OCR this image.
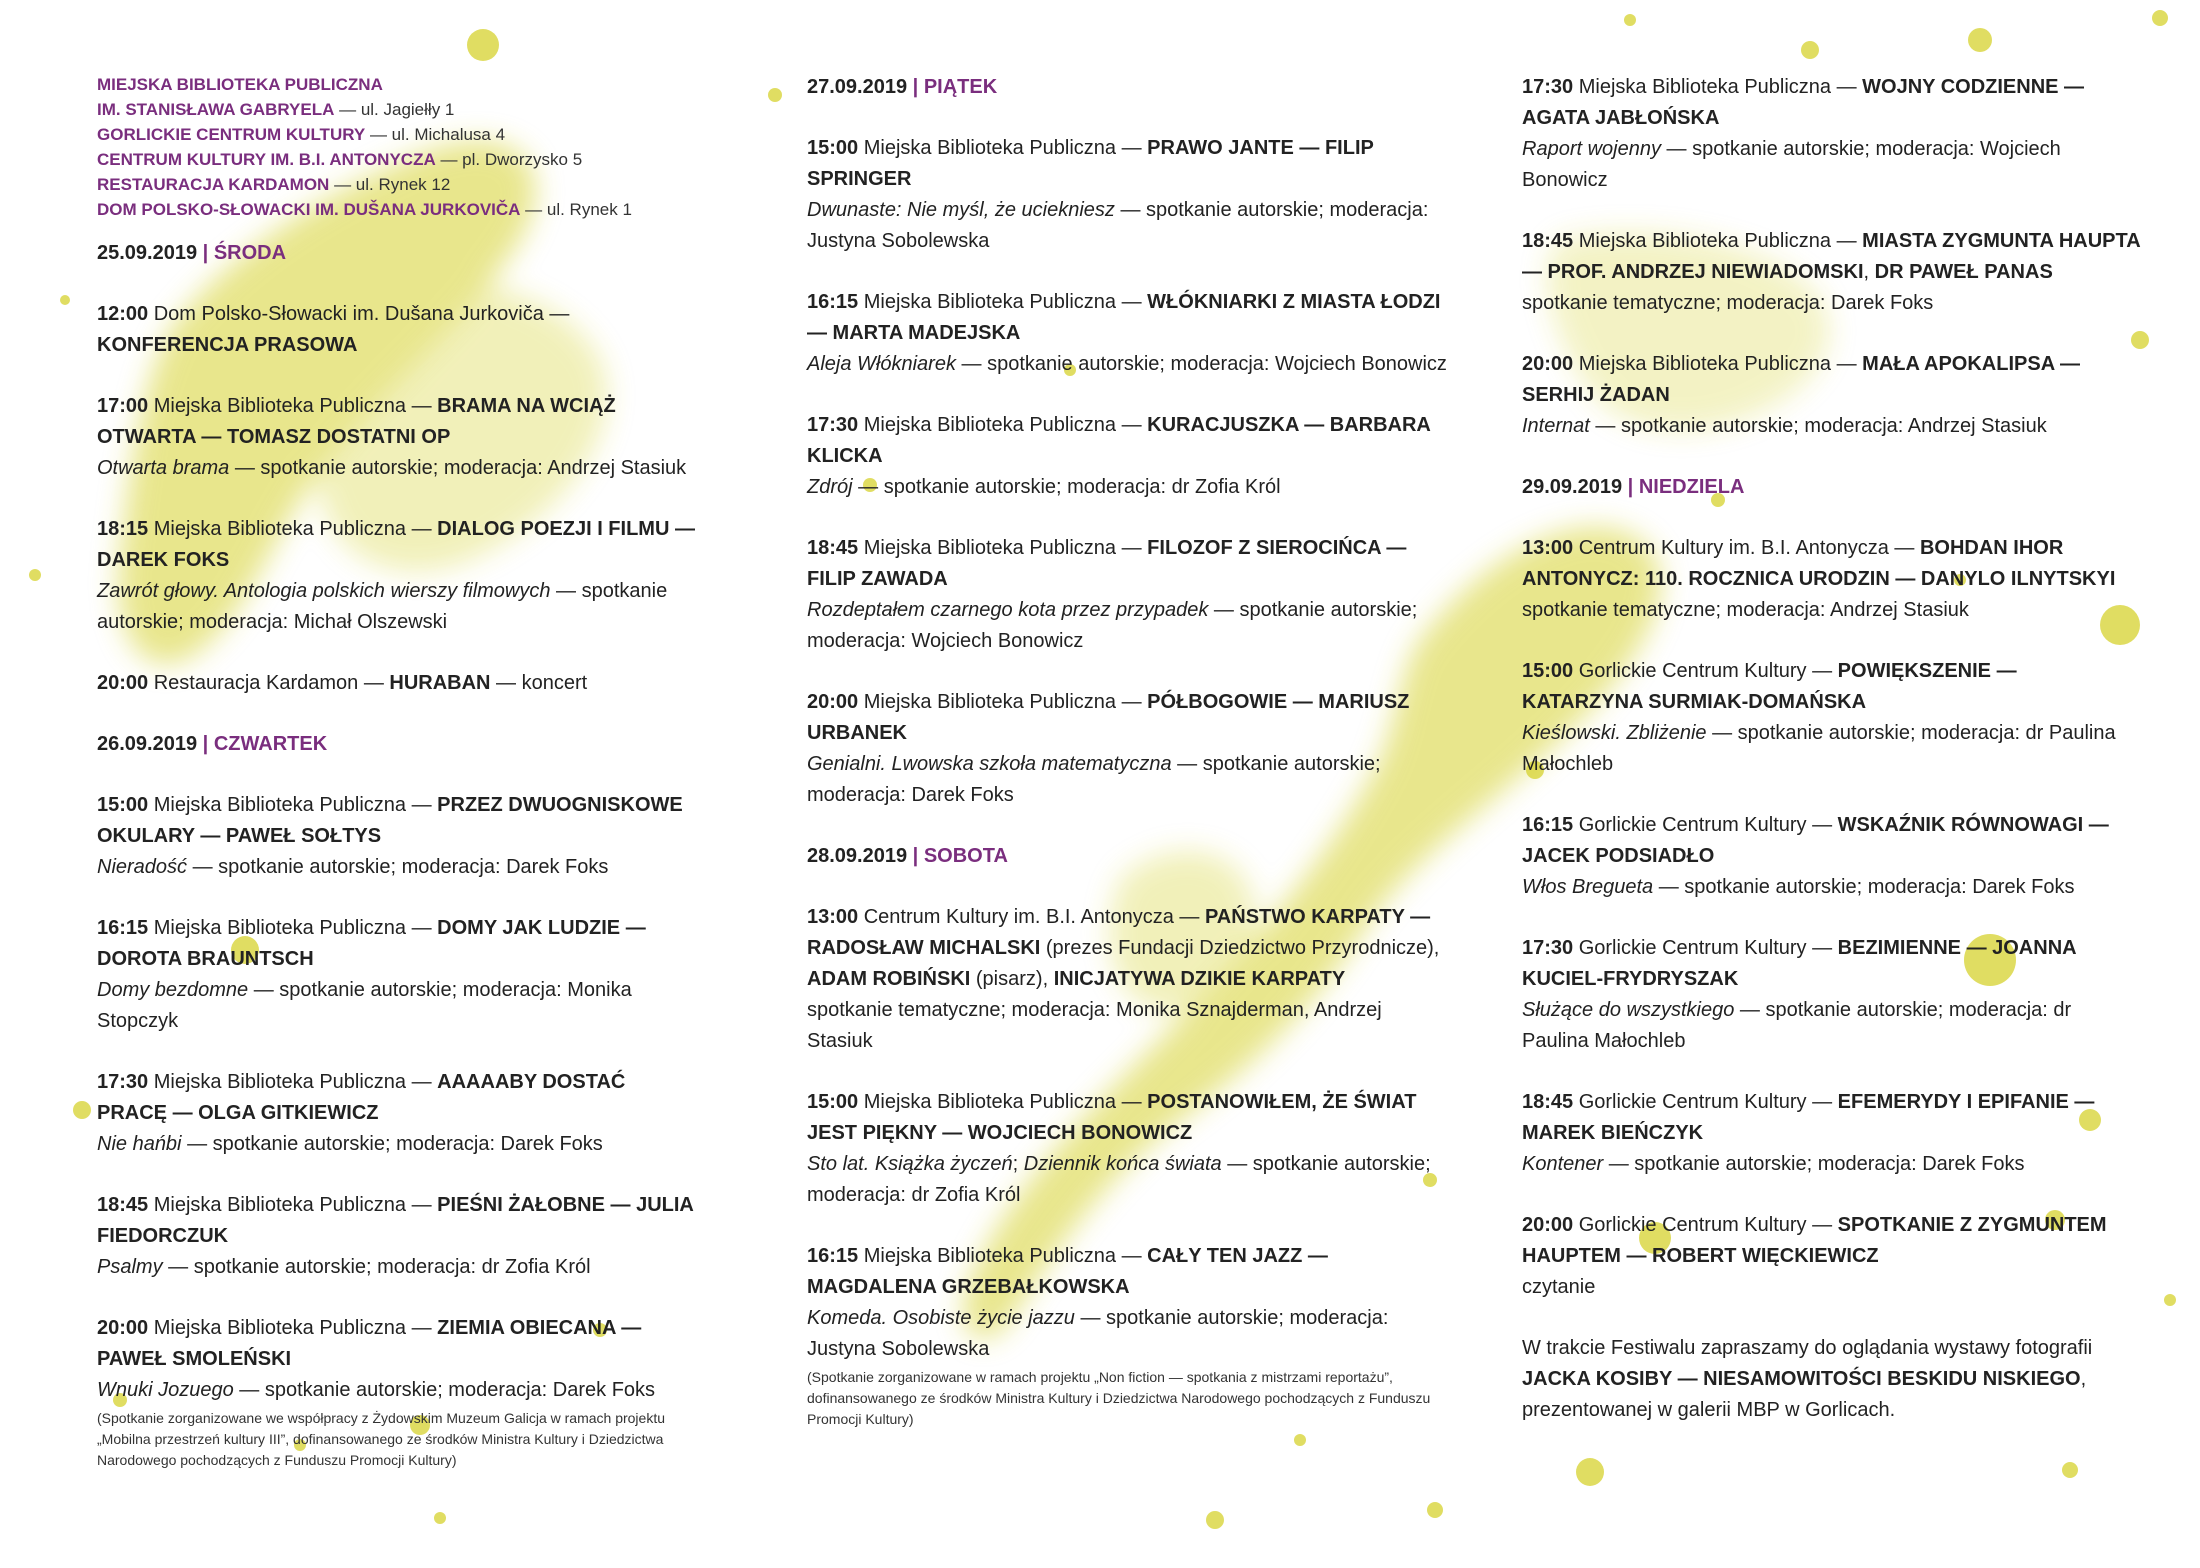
MIEJSKA BIBLIOTEKA PUBLICZNA
IM. STANISŁAWA GABRYELA — ul. Jagiełły 1
GORLICKIE CENTRUM KULTURY — ul. Michalusa 4
CENTRUM KULTURY IM. B.I. ANTONYCZA — pl. Dworzysko 5
RESTAURACJA KARDAMON — ul. Rynek 12
DOM POLSKO-SŁOWACKI IM. DUŠANA JURKOVIČA — ul. Rynek 1
25.09.2019 | ŚRODA
12:00 Dom Polsko-Słowacki im. Dušana Jurkoviča — KONFERENCJA PRASOWA
17:00 Miejska Biblioteka Publiczna — BRAMA NA WCIĄŻ OTWARTA — TOMASZ DOSTATNI OP
Otwarta brama — spotkanie autorskie; moderacja: Andrzej Stasiuk
18:15 Miejska Biblioteka Publiczna — DIALOG POEZJI I FILMU — DAREK FOKS
Zawrót głowy. Antologia polskich wierszy filmowych — spotkanie autorskie; moderacja: Michał Olszewski
20:00 Restauracja Kardamon — HURABAN — koncert
26.09.2019 | CZWARTEK
15:00 Miejska Biblioteka Publiczna — PRZEZ DWUOGNISKOWE OKULARY — PAWEŁ SOŁTYS
Nieradość — spotkanie autorskie; moderacja: Darek Foks
16:15 Miejska Biblioteka Publiczna — DOMY JAK LUDZIE — DOROTA BRAUNTSCH
Domy bezdomne — spotkanie autorskie; moderacja: Monika Stopczyk
17:30 Miejska Biblioteka Publiczna — AAAAABY DOSTAĆ PRACĘ — OLGA GITKIEWICZ
Nie hańbi — spotkanie autorskie; moderacja: Darek Foks
18:45 Miejska Biblioteka Publiczna — PIEŚNI ŻAŁOBNE — JULIA FIEDORCZUK
Psalmy — spotkanie autorskie; moderacja: dr Zofia Król
20:00 Miejska Biblioteka Publiczna — ZIEMIA OBIECANA — PAWEŁ SMOLEŃSKI
Wnuki Jozuego — spotkanie autorskie; moderacja: Darek Foks
(Spotkanie zorganizowane we współpracy z Żydowskim Muzeum Galicja w ramach projektu „Mobilna przestrzeń kultury III”, dofinansowanego ze środków Ministra Kultury i Dziedzictwa Narodowego pochodzących z Funduszu Promocji Kultury)
27.09.2019 | PIĄTEK
15:00 Miejska Biblioteka Publiczna — PRAWO JANTE — FILIP SPRINGER
Dwunaste: Nie myśl, że uciekniesz — spotkanie autorskie; moderacja: Justyna Sobolewska
16:15 Miejska Biblioteka Publiczna — WŁÓKNIARKI Z MIASTA ŁODZI — MARTA MADEJSKA
Aleja Włókniarek — spotkanie autorskie; moderacja: Wojciech Bonowicz
17:30 Miejska Biblioteka Publiczna — KURACJUSZKA — BARBARA KLICKA
Zdrój — spotkanie autorskie; moderacja: dr Zofia Król
18:45 Miejska Biblioteka Publiczna — FILOZOF Z SIEROCIŃCA — FILIP ZAWADA
Rozdeptałem czarnego kota przez przypadek — spotkanie autorskie; moderacja: Wojciech Bonowicz
20:00 Miejska Biblioteka Publiczna — PÓŁBOGOWIE — MARIUSZ URBANEK
Genialni. Lwowska szkoła matematyczna — spotkanie autorskie; moderacja: Darek Foks
28.09.2019 | SOBOTA
13:00 Centrum Kultury im. B.I. Antonycza — PAŃSTWO KARPATY — RADOSŁAW MICHALSKI (prezes Fundacji Dziedzictwo Przyrodnicze), ADAM ROBIŃSKI (pisarz), INICJATYWA DZIKIE KARPATY
spotkanie tematyczne; moderacja: Monika Sznajderman, Andrzej Stasiuk
15:00 Miejska Biblioteka Publiczna — POSTANOWIŁEM, ŻE ŚWIAT JEST PIĘKNY — WOJCIECH BONOWICZ
Sto lat. Książka życzeń; Dziennik końca świata — spotkanie autorskie; moderacja: dr Zofia Król
16:15 Miejska Biblioteka Publiczna — CAŁY TEN JAZZ — MAGDALENA GRZEBAŁKOWSKA
Komeda. Osobiste życie jazzu — spotkanie autorskie; moderacja: Justyna Sobolewska
(Spotkanie zorganizowane w ramach projektu „Non fiction — spotkania z mistrzami reportażu”, dofinansowanego ze środków Ministra Kultury i Dziedzictwa Narodowego pochodzących z Funduszu Promocji Kultury)
17:30 Miejska Biblioteka Publiczna — WOJNY CODZIENNE — AGATA JABŁOŃSKA
Raport wojenny — spotkanie autorskie; moderacja: Wojciech Bonowicz
18:45 Miejska Biblioteka Publiczna — MIASTA ZYGMUNTA HAUPTA — PROF. ANDRZEJ NIEWIADOMSKI, DR PAWEŁ PANAS
spotkanie tematyczne; moderacja: Darek Foks
20:00 Miejska Biblioteka Publiczna — MAŁA APOKALIPSA — SERHIJ ŻADAN
Internat — spotkanie autorskie; moderacja: Andrzej Stasiuk
29.09.2019 | NIEDZIELA
13:00 Centrum Kultury im. B.I. Antonycza — BOHDAN IHOR ANTONYCZ: 110. ROCZNICA URODZIN — DANYLO ILNYTSKYI
spotkanie tematyczne; moderacja: Andrzej Stasiuk
15:00 Gorlickie Centrum Kultury — POWIĘKSZENIE — KATARZYNA SURMIAK-DOMAŃSKA
Kieślowski. Zbliżenie — spotkanie autorskie; moderacja: dr Paulina Małochleb
16:15 Gorlickie Centrum Kultury — WSKAŹNIK RÓWNOWAGI — JACEK PODSIADŁO
Włos Bregueta — spotkanie autorskie; moderacja: Darek Foks
17:30 Gorlickie Centrum Kultury — BEZIMIENNE — JOANNA KUCIEL-FRYDRYSZAK
Służące do wszystkiego — spotkanie autorskie; moderacja: dr Paulina Małochleb
18:45 Gorlickie Centrum Kultury — EFEMERYDY I EPIFANIE — MAREK BIEŃCZYK
Kontener — spotkanie autorskie; moderacja: Darek Foks
20:00 Gorlickie Centrum Kultury — SPOTKANIE Z ZYGMUNTEM HAUPTEM — ROBERT WIĘCKIEWICZ
czytanie
W trakcie Festiwalu zapraszamy do oglądania wystawy fotografii JACKA KOSIBY — NIESAMOWITOŚCI BESKIDU NISKIEGO, prezentowanej w galerii MBP w Gorlicach.
